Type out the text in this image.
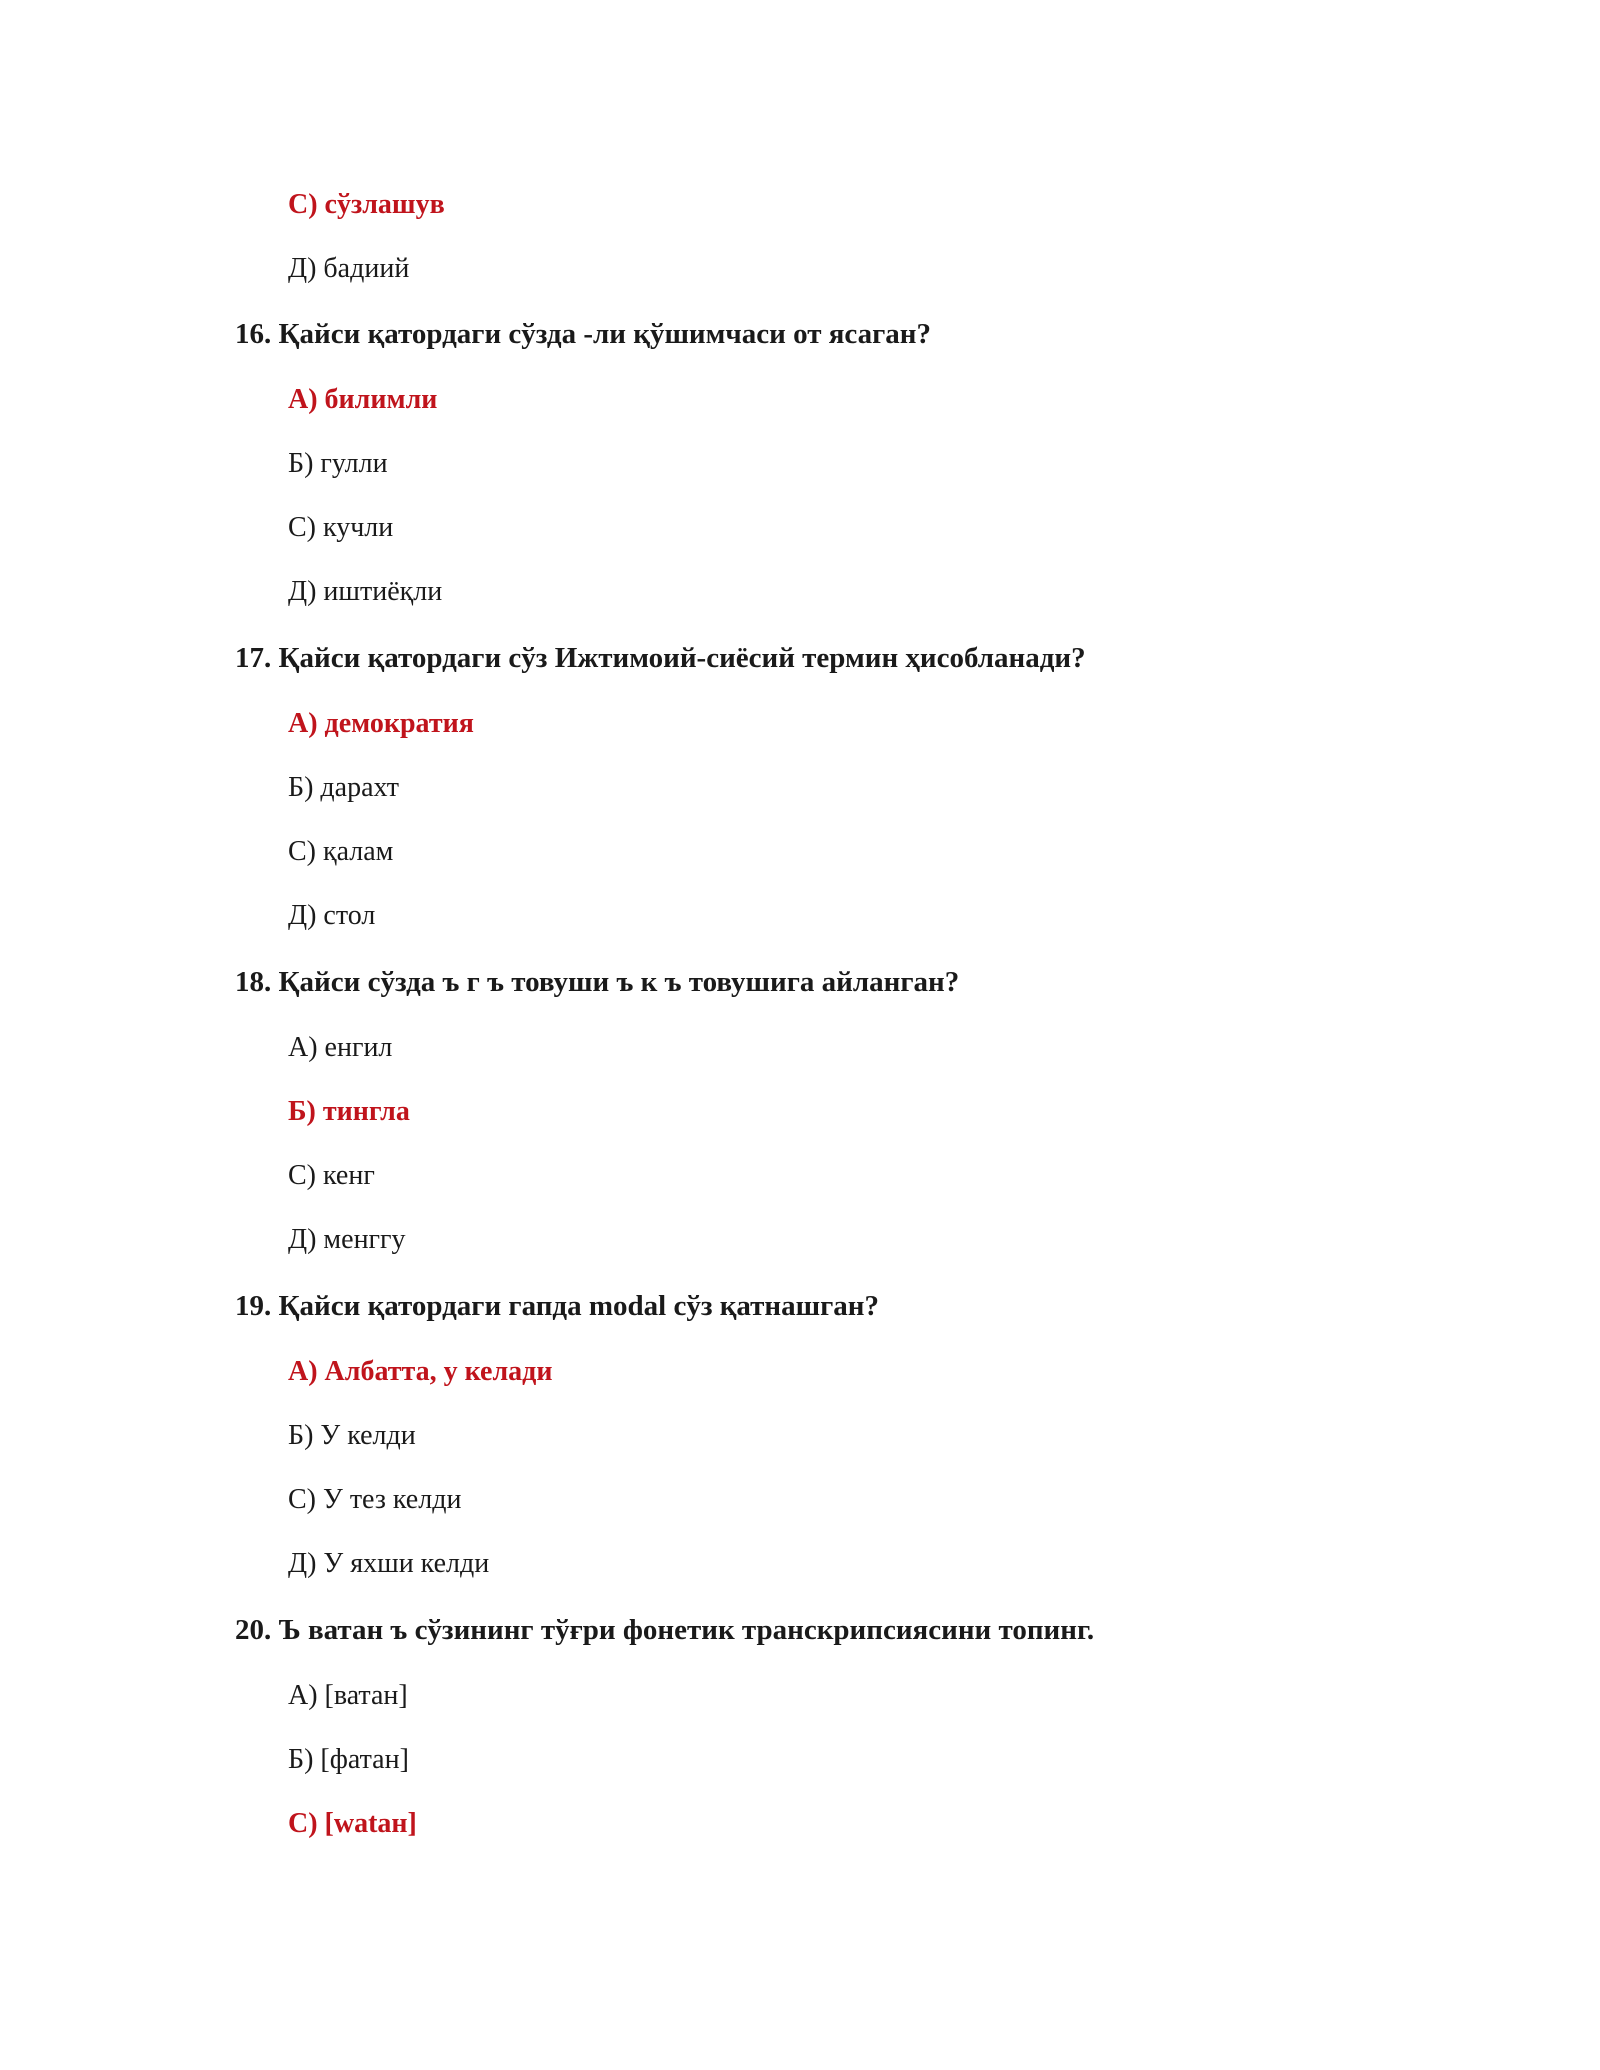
С) сўзлашув
Д) бадиий
16. Қайси қатордаги сўзда -ли қўшимчаси от ясаган?
А) билимли
Б) гулли
С) кучли
Д) иштиёқли
17. Қайси қатордаги сўз Ижтимоий-сиёсий термин ҳисобланади?
А) демократия
Б) дарахт
С) қалам
Д) стол
18. Қайси сўзда ъ г ъ товуши ъ к ъ товушига айланган?
А) енгил
Б) тингла
С) кенг
Д) менггу
19. Қайси қатордаги гапда modal сўз қатнашган?
А) Албатта, у келади
Б) У келди
С) У тез келди
Д) У яхши келди
20. Ъ ватан ъ сўзининг тўғри фонетик транскрипсиясини топинг.
А) [ватан]
Б) [фатан]
С) [watан]
